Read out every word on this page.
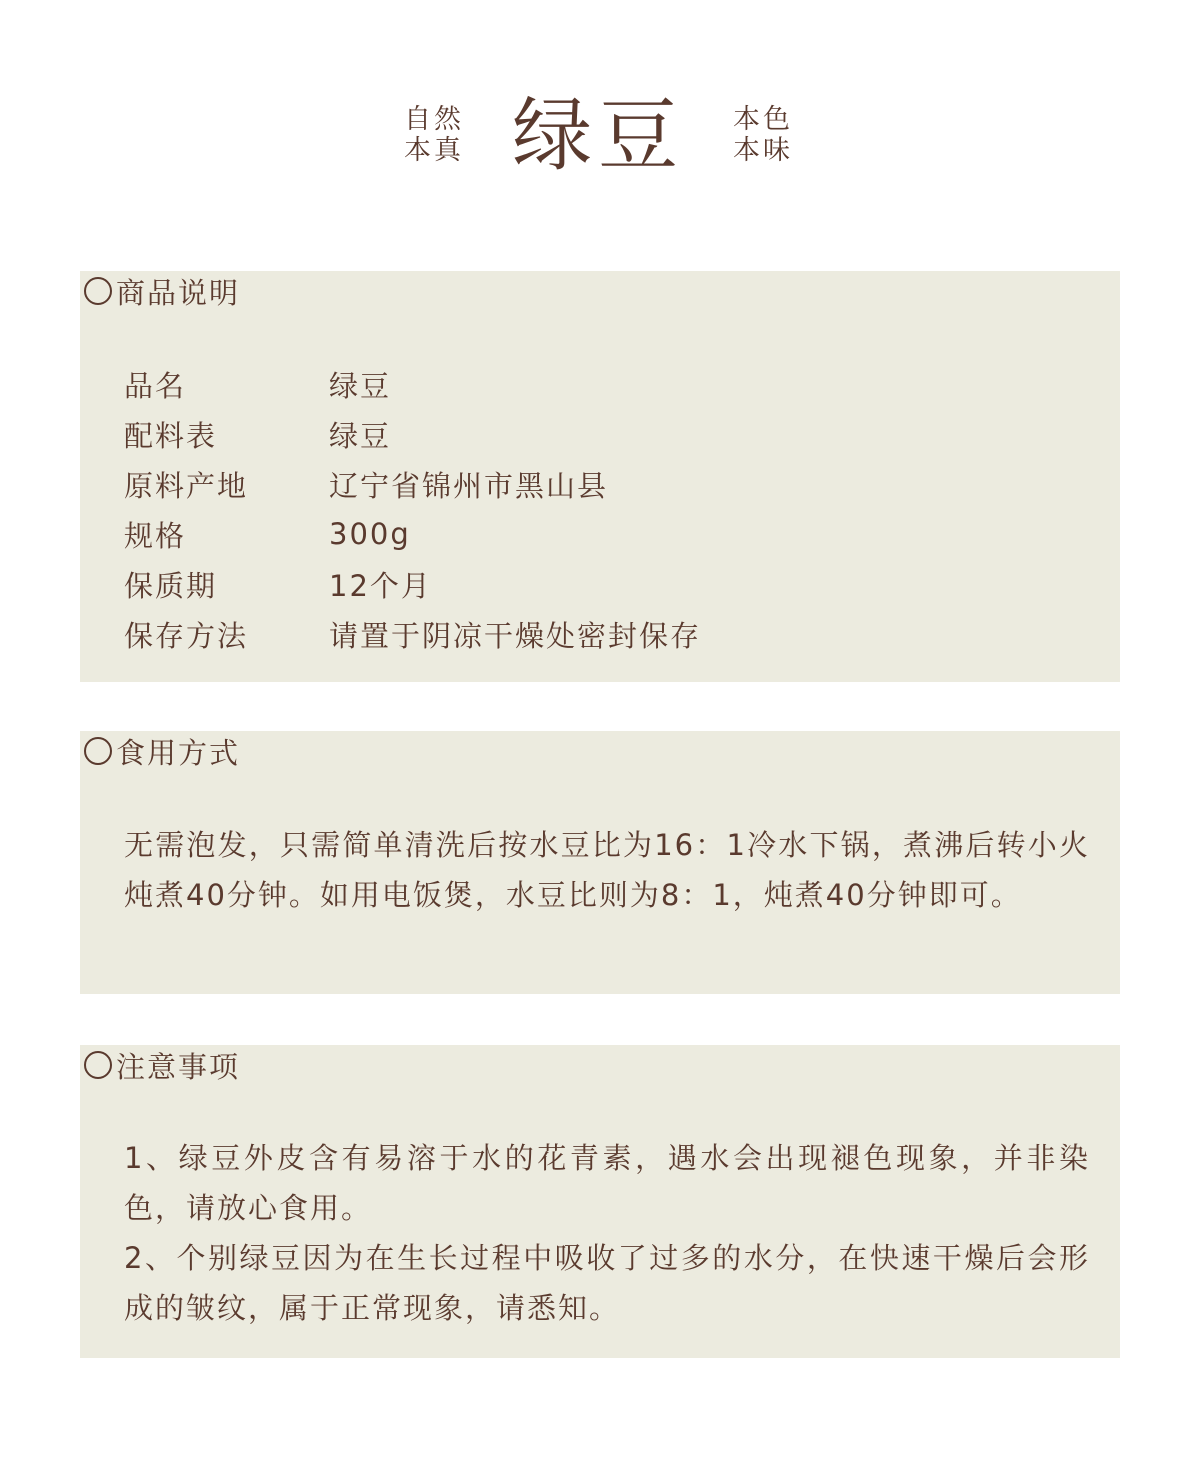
自然
本真 绿豆 本色
本味
商品说明
品名	绿豆
配料表	绿豆
原料产地	辽宁省锦州市黑山县
规格	300g
保质期	12个月
保存方法	请置于阴凉干燥处密封保存
食用方式

无需泡发，只需简单清洗后按水豆比为16：1冷水下锅，煮沸后转小火炖煮40分钟。如用电饭煲，水豆比则为8：1，炖煮40分钟即可。

注意事项

1、绿豆外皮含有易溶于水的花青素，遇水会出现褪色现象，并非染色，请放心食用。

2、个别绿豆因为在生长过程中吸收了过多的水分，在快速干燥后会形成的皱纹，属于正常现象，请悉知。
